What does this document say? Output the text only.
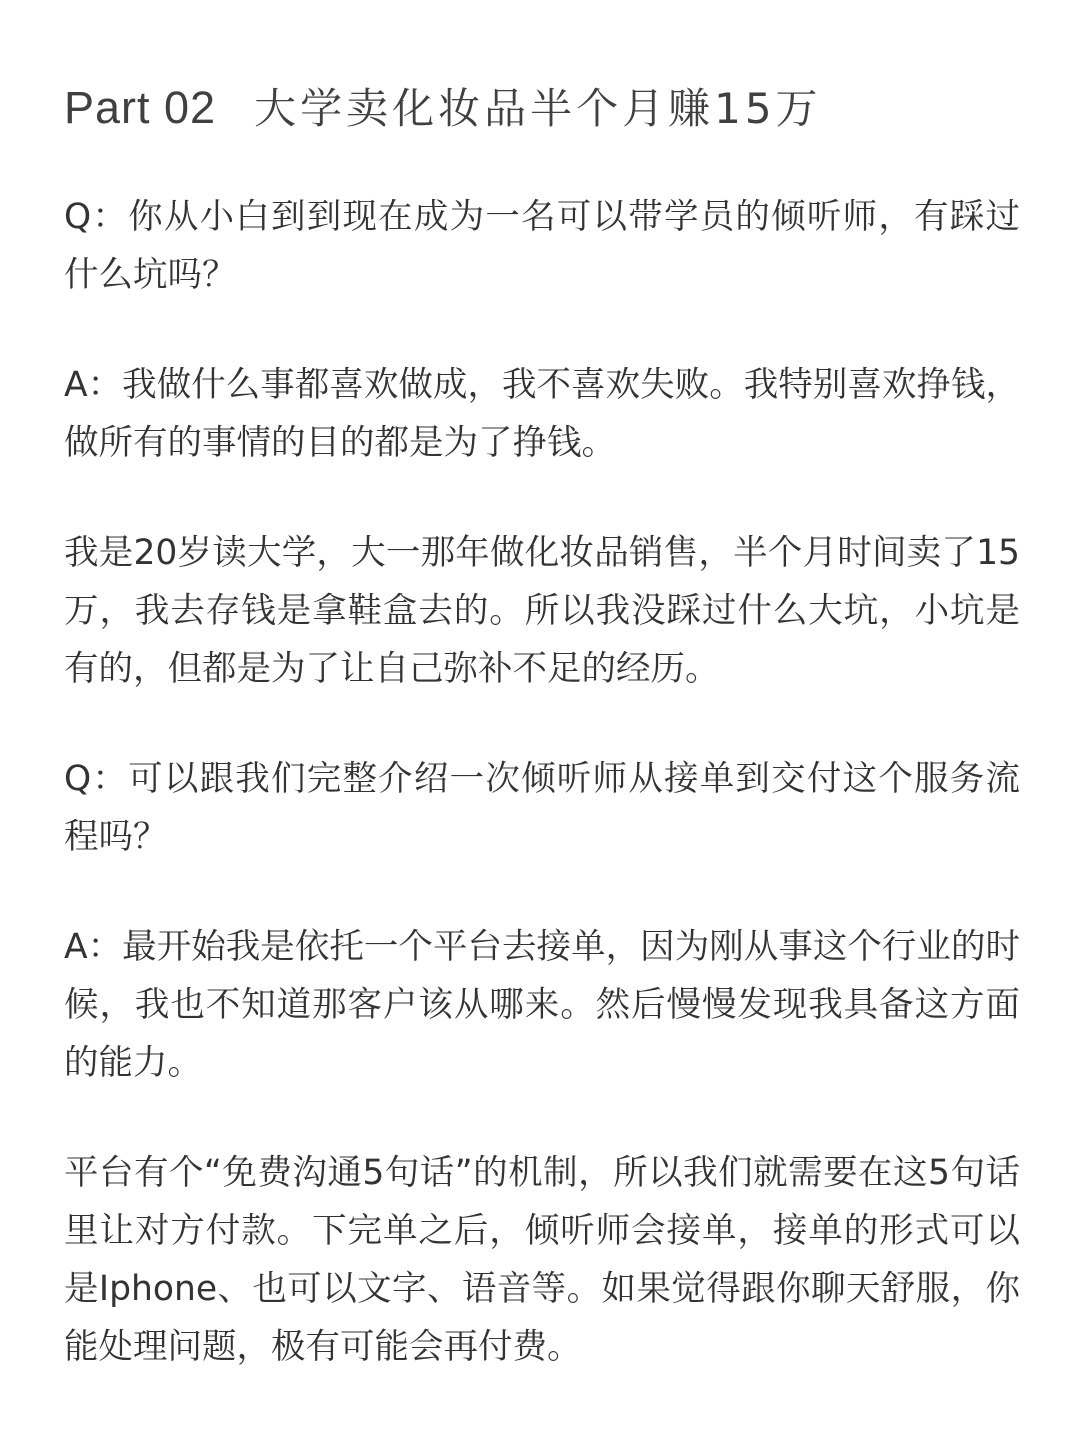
Part 02 大学卖化妆品半个月赚15万

Q：你从小白到到现在成为一名可以带学员的倾听师，有踩过什么坑吗？

A：我做什么事都喜欢做成，我不喜欢失败。我特别喜欢挣钱，做所有的事情的目的都是为了挣钱。

我是20岁读大学，大一那年做化妆品销售，半个月时间卖了15万，我去存钱是拿鞋盒去的。所以我没踩过什么大坑，小坑是有的，但都是为了让自己弥补不足的经历。

Q：可以跟我们完整介绍一次倾听师从接单到交付这个服务流程吗？

A：最开始我是依托一个平台去接单，因为刚从事这个行业的时候，我也不知道那客户该从哪来。然后慢慢发现我具备这方面的能力。

平台有个“免费沟通5句话”的机制，所以我们就需要在这5句话里让对方付款。下完单之后，倾听师会接单，接单的形式可以是Iphone、也可以文字、语音等。如果觉得跟你聊天舒服，你能处理问题，极有可能会再付费。
